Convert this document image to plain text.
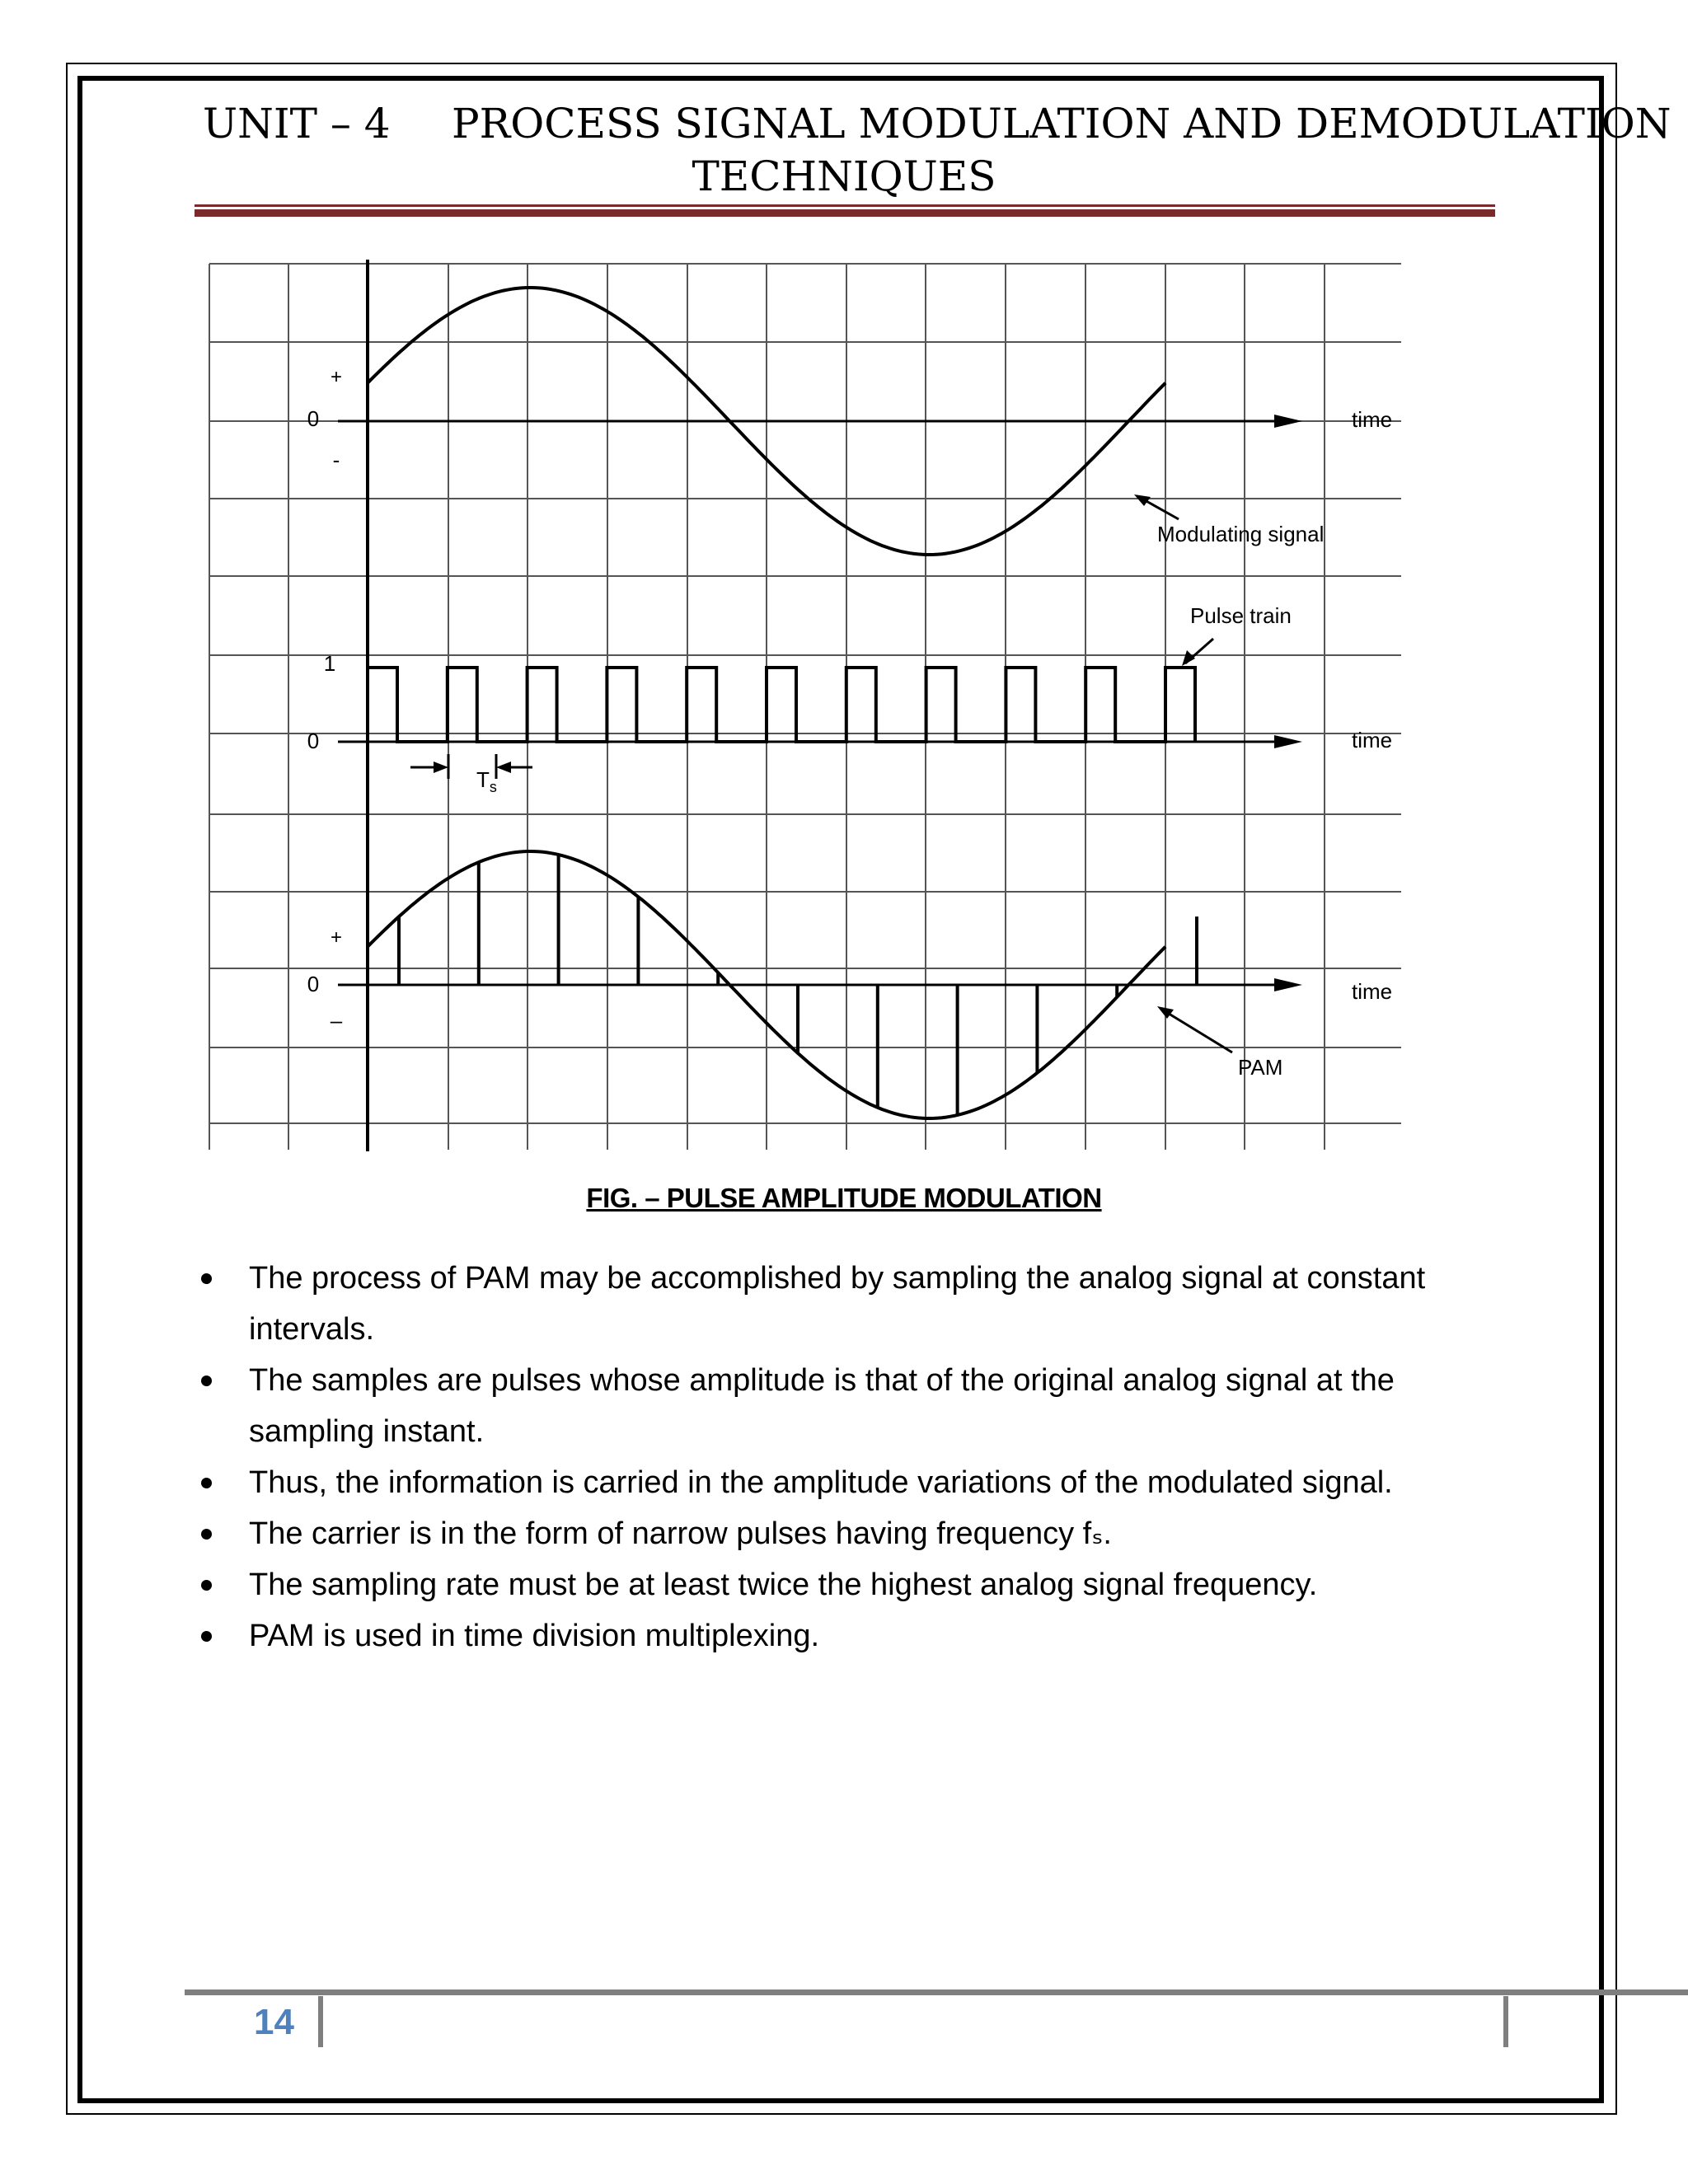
UNIT – 4 PROCESS SIGNAL MODULATION AND DEMODULATION
TECHNIQUES
+
0
-
time
Modulating signal
1
0	time
Pulse train
$T_s$
+
0
–
time
PAM
FIG. – PULSE AMPLITUDE MODULATION
The process of PAM may be accomplished by sampling the analog signal at constant intervals.
The samples are pulses whose amplitude is that of the original analog signal at the sampling instant.
Thus, the information is carried in the amplitude variations of the modulated signal.
The carrier is in the form of narrow pulses having frequency fₛ.
The sampling rate must be at least twice the highest analog signal frequency.
PAM is used in time division multiplexing.
14
